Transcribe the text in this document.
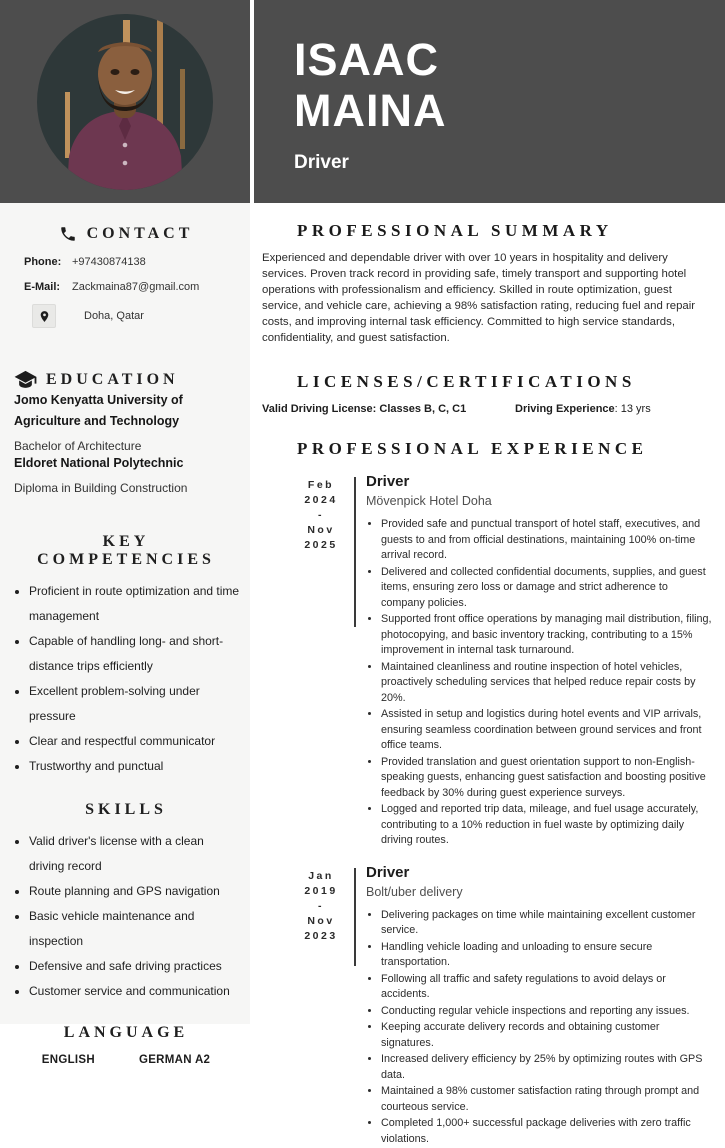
CONTACT
Phone: +97430874138
E-Mail:	Zackmaina87@gmail.com
Doha, Qatar
EDUCATION
Jomo Kenyatta University of Agriculture and Technology
Bachelor of Architecture
Eldoret National Polytechnic
Diploma in Building Construction
KEY COMPETENCIES
• Proficient in route optimization and time management
• Capable of handling long- and short-distance trips efficiently
• Excellent problem-solving under pressure
• Clear and respectful communicator
• Trustworthy and punctual
SKILLS
• Valid driver's license with a clean driving record
• Route planning and GPS navigation
• Basic vehicle maintenance and inspection
• Defensive and safe driving practices
• Customer service and communication
LANGUAGE
ENGLISH	GERMAN A2
ISAAC
MAINA
Driver
PROFESSIONAL SUMMARY

Experienced and dependable driver with over 10 years in hospitality and delivery services. Proven track record in providing safe, timely transport and supporting hotel operations with professionalism and efficiency. Skilled in route optimization, guest service, and vehicle care, achieving a 98% satisfaction rating, reducing fuel and repair costs, and improving internal task efficiency. Committed to high service standards, confidentiality, and guest satisfaction.

LICENSES/CERTIFICATIONS
Valid Driving License: Classes B, C, C1	Driving Experience: 13 yrs
PROFESSIONAL EXPERIENCE
Feb
2024
-
Nov
2025
Driver
Mövenpick Hotel Doha
• Provided safe and punctual transport of hotel staff, executives, and guests to and from official destinations, maintaining 100% on-time arrival record.
• Delivered and collected confidential documents, supplies, and guest items, ensuring zero loss or damage and strict adherence to company policies.
• Supported front office operations by managing mail distribution, filing, photocopying, and basic inventory tracking, contributing to a 15% improvement in internal task turnaround.
• Maintained cleanliness and routine inspection of hotel vehicles, proactively scheduling services that helped reduce repair costs by 20%.
• Assisted in setup and logistics during hotel events and VIP arrivals, ensuring seamless coordination between ground services and front office teams.
• Provided translation and guest orientation support to non-English-speaking guests, enhancing guest satisfaction and boosting positive feedback by 30% during guest experience surveys.
• Logged and reported trip data, mileage, and fuel usage accurately, contributing to a 10% reduction in fuel waste by optimizing daily driving routes.
Jan
2019
-
Nov
2023
Driver
Bolt/uber delivery
• Delivering packages on time while maintaining excellent customer service.
• Handling vehicle loading and unloading to ensure secure transportation.
• Following all traffic and safety regulations to avoid delays or accidents.
• Conducting regular vehicle inspections and reporting any issues.
• Keeping accurate delivery records and obtaining customer signatures.
• Increased delivery efficiency by 25% by optimizing routes with GPS data.
• Maintained a 98% customer satisfaction rating through prompt and courteous service.
• Completed 1,000+ successful package deliveries with zero traffic violations.
